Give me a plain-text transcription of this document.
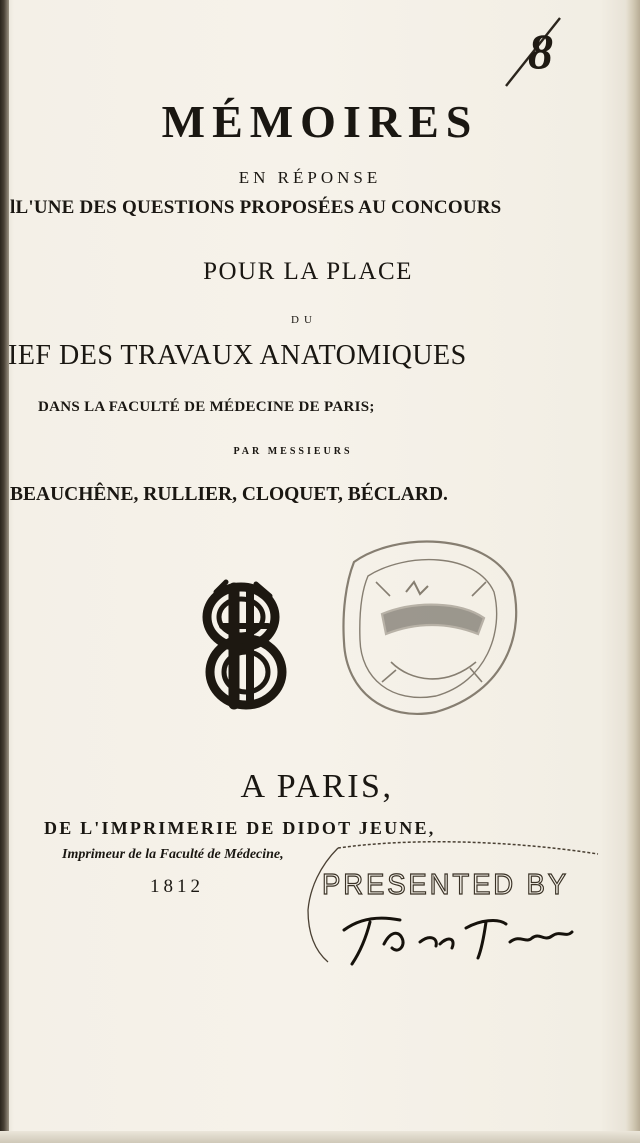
8
MÉMOIRES
EN RÉPONSE
lL'UNE DES QUESTIONS PROPOSÉES AU CONCOURS
POUR LA PLACE
DU
IEF DES TRAVAUX ANATOMIQUES
DANS LA FACULTÉ DE MÉDECINE DE PARIS;
PAR MESSIEURS
BEAUCHÊNE, RULLIER, CLOQUET, BÉCLARD.
A PARIS,
DE L'IMPRIMERIE DE DIDOT JEUNE,
Imprimeur de la Faculté de Médecine,
1812	PRESENTED BY
